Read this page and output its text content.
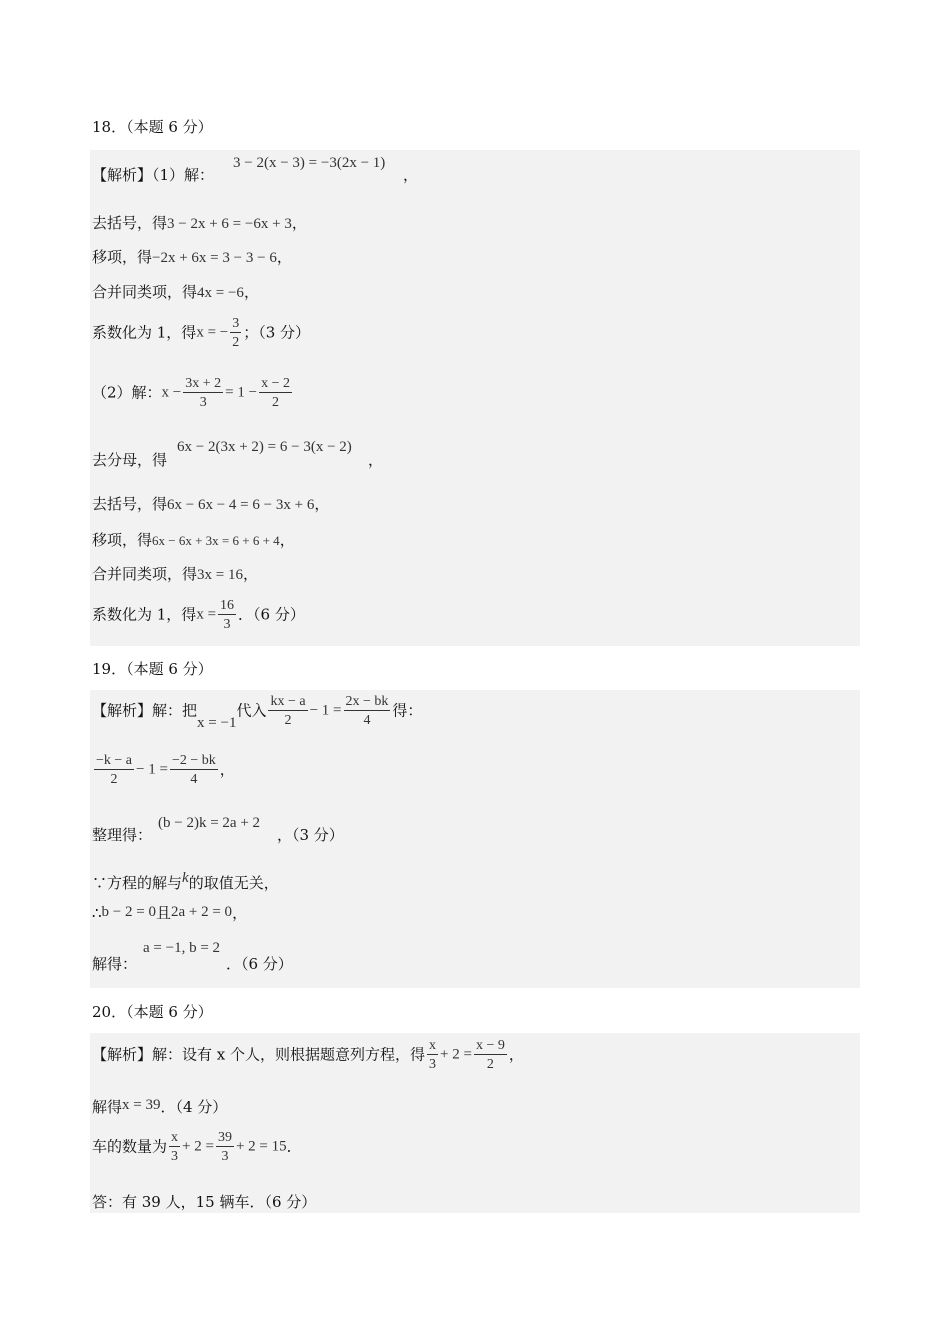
18．（本题 6 分）
【解析】（1）解：
3 − 2(x − 3) = −3(2x − 1)
，
去括号，得3 − 2x + 6 = −6x + 3，
移项，得−2x + 6x = 3 − 3 − 6，
合并同类项，得4x = −6，
系数化为 1，得x = − $\frac{3}{2}$ ；（3 分）
（2）解：$x - \frac{3x + 2}{3} = 1 - \frac{x - 2}{2}$
去分母，得
6x − 2(3x + 2) = 6 − 3(x − 2)
，
去括号，得6x − 6x − 4 = 6 − 3x + 6，
移项，得6x − 6x + 3x = 6 + 6 + 4，
合并同类项，得3x = 16，
系数化为 1，得$x = \frac{16}{3}$ ．（6 分）
19．（本题 6 分）
【解析】解：把x = −1代入 $\frac{kx - a}{2} - 1 = \frac{2x - bk}{4}$ 得：
$\frac{-k - a}{2} - 1 = \frac{-2 - bk}{4}$ ，
整理得：
(b − 2)k = 2a + 2
，（3 分）
∵方程的解与k的取值无关，
∴b − 2 = 0且2a + 2 = 0，
解得：
a = −1, b = 2
．（6 分）
20．（本题 6 分）
【解析】解：设有 x 个人，则根据题意列方程，得 $\frac{x}{3} + 2 = \frac{x - 9}{2}$ ，
解得x = 39．（4 分）
车的数量为 $\frac{x}{3} + 2 = \frac{39}{3} + 2 = 15$．
答：有 39 人，15 辆车．（6 分）
